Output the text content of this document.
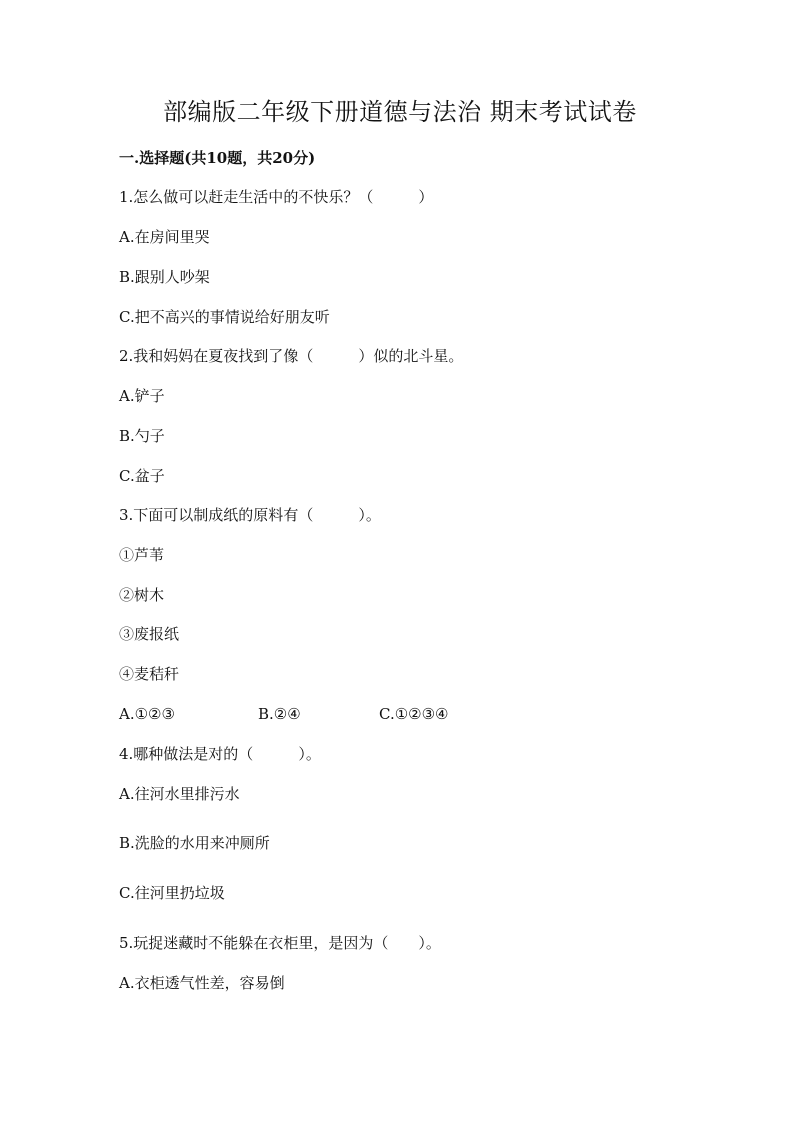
部编版二年级下册道德与法治 期末考试试卷
一.选择题(共10题，共20分)
1.怎么做可以赶走生活中的不快乐？（　　　）
A.在房间里哭
B.跟别人吵架
C.把不高兴的事情说给好朋友听
2.我和妈妈在夏夜找到了像（　　　）似的北斗星。
A.铲子
B.勺子
C.盆子
3.下面可以制成纸的原料有（　　　）。
①芦苇
②树木
③废报纸
④麦秸秆
A.①②③	B.②④	C.①②③④
4.哪种做法是对的（　　　）。
A.往河水里排污水
B.洗脸的水用来冲厕所
C.往河里扔垃圾
5.玩捉迷藏时不能躲在衣柜里，是因为（　　）。
A.衣柜透气性差，容易倒
